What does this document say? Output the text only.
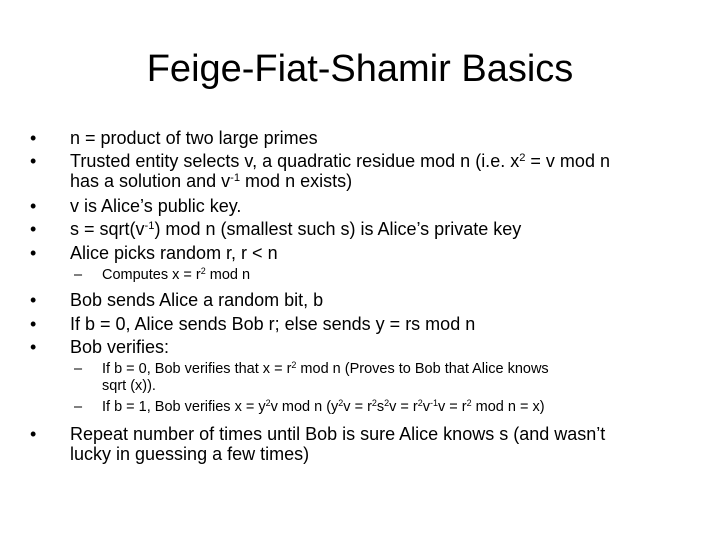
Feige-Fiat-Shamir Basics
•	n = product of two large primes
•	Trusted entity selects v, a quadratic residue mod n (i.e. $x^2 = v$ mod n
has a solution and $v^{-1}$ mod n exists)
•	v is Alice’s public key.
•	$s = sqrt(v^{-1})$ mod n (smallest such s) is Alice’s private key
•	Alice picks random r, r < n
– Computes $x = r^2$ mod n
•	Bob sends Alice a random bit, b
•	If b = 0, Alice sends Bob r; else sends y = rs mod n
•	Bob verifies:
– If b = 0, Bob verifies that $x = r^2$ mod n (Proves to Bob that Alice knows
sqrt (x)).
– If b = 1, Bob verifies $x = y^2v$ mod n ($y^2v = r^2s^2v = r^2v^{-1}v = r^2$ mod n = x)
•	Repeat number of times until Bob is sure Alice knows s (and wasn’t
lucky in guessing a few times)
